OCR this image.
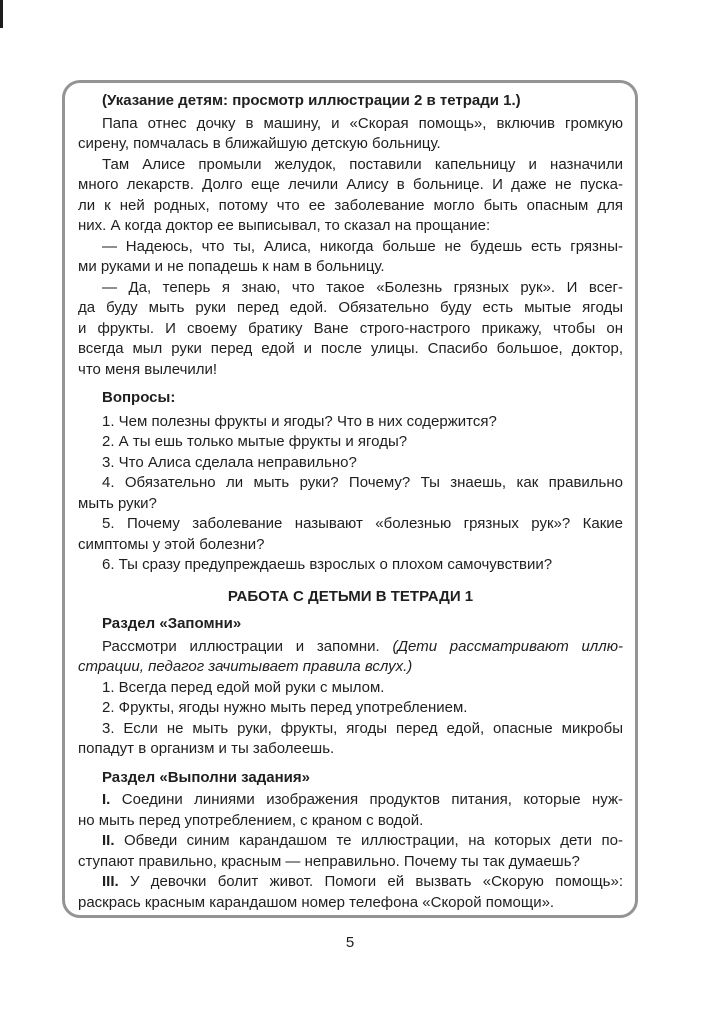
(Указание детям: просмотр иллюстрации 2 в тетради 1.)
Папа отнес дочку в машину, и «Скорая помощь», включив громкую
сирену, помчалась в ближайшую детскую больницу.
Там Алисе промыли желудок, поставили капельницу и назначили
много лекарств. Долго еще лечили Алису в больнице. И даже не пуска-
ли к ней родных, потому что ее заболевание могло быть опасным для
них. А когда доктор ее выписывал, то сказал на прощание:
— Надеюсь, что ты, Алиса, никогда больше не будешь есть грязны-
ми руками и не попадешь к нам в больницу.
— Да, теперь я знаю, что такое «Болезнь грязных рук». И всег-
да буду мыть руки перед едой. Обязательно буду есть мытые ягоды
и фрукты. И своему братику Ване строго-настрого прикажу, чтобы он
всегда мыл руки перед едой и после улицы. Спасибо большое, доктор,
что меня вылечили!
Вопросы:
1. Чем полезны фрукты и ягоды? Что в них содержится?
2. А ты ешь только мытые фрукты и ягоды?
3. Что Алиса сделала неправильно?
4. Обязательно ли мыть руки? Почему? Ты знаешь, как правильно
мыть руки?
5. Почему заболевание называют «болезнью грязных рук»? Какие
симптомы у этой болезни?
6. Ты сразу предупреждаешь взрослых о плохом самочувствии?
РАБОТА С ДЕТЬМИ В ТЕТРАДИ 1
Раздел «Запомни»
Рассмотри иллюстрации и запомни. (Дети рассматривают иллю-
страции, педагог зачитывает правила вслух.)
1. Всегда перед едой мой руки с мылом.
2. Фрукты, ягоды нужно мыть перед употреблением.
3. Если не мыть руки, фрукты, ягоды перед едой, опасные микробы
попадут в организм и ты заболеешь.
Раздел «Выполни задания»
I. Соедини линиями изображения продуктов питания, которые нуж-
но мыть перед употреблением, с краном с водой.
II. Обведи синим карандашом те иллюстрации, на которых дети по-
ступают правильно, красным — неправильно. Почему ты так думаешь?
III. У девочки болит живот. Помоги ей вызвать «Скорую помощь»:
раскрась красным карандашом номер телефона «Скорой помощи».
5
